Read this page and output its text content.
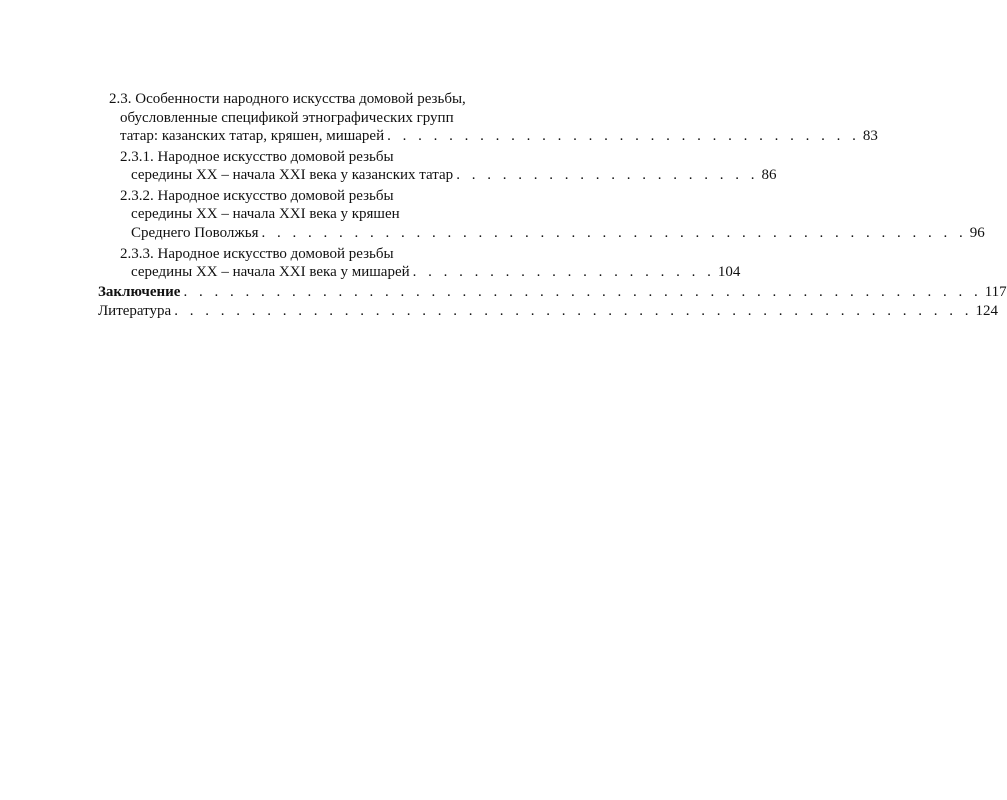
2.3. Особенности народного искусства домовой резьбы,
обусловленные спецификой этнографических групп
татар: казанских татар, кряшен, мишарей . . . . . . . . . . . . . . . . . . . . . . . . . . . . . . . 83
2.3.1. Народное искусство домовой резьбы
середины XX – начала XXI века у казанских татар . . . . . . . . . . . . . . . . . . . . 86
2.3.2. Народное искусство домовой резьбы
середины XX – начала XXI века у кряшен
Среднего Поволжья . . . . . . . . . . . . . . . . . . . . . . . . . . . . . . . . . . . . . . . . . . . . . . 96
2.3.3. Народное искусство домовой резьбы
середины XX – начала XXI века у мишарей . . . . . . . . . . . . . . . . . . . . 104
Заключение . . . . . . . . . . . . . . . . . . . . . . . . . . . . . . . . . . . . . . . . . . . . . . . . . . . . 117
Литература . . . . . . . . . . . . . . . . . . . . . . . . . . . . . . . . . . . . . . . . . . . . . . . . . . . . 124
